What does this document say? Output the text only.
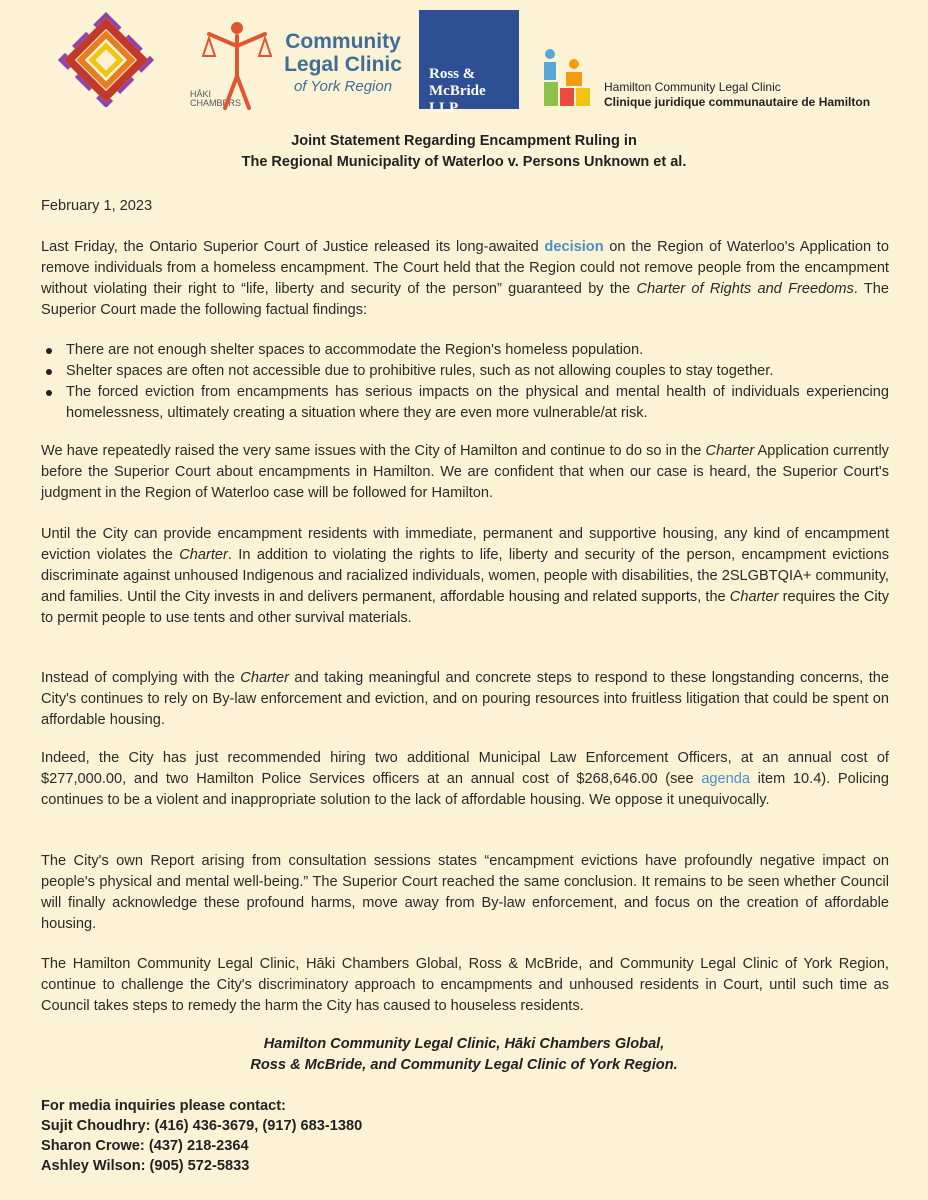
HĀKI CHAMBERS
Community Legal Clinic
of York Region
Ross & McBride LLP
Hamilton Community Legal Clinic
Clinique juridique communautaire de Hamilton
Joint Statement Regarding Encampment Ruling in
The Regional Municipality of Waterloo v. Persons Unknown et al.
February 1, 2023
Last Friday, the Ontario Superior Court of Justice released its long-awaited decision on the Region of Waterloo's Application to remove individuals from a homeless encampment. The Court held that the Region could not remove people from the encampment without violating their right to “life, liberty and security of the person” guaranteed by the Charter of Rights and Freedoms. The Superior Court made the following factual findings:
There are not enough shelter spaces to accommodate the Region's homeless population.
Shelter spaces are often not accessible due to prohibitive rules, such as not allowing couples to stay together.
The forced eviction from encampments has serious impacts on the physical and mental health of individuals experiencing homelessness, ultimately creating a situation where they are even more vulnerable/at risk.
We have repeatedly raised the very same issues with the City of Hamilton and continue to do so in the Charter Application currently before the Superior Court about encampments in Hamilton. We are confident that when our case is heard, the Superior Court's judgment in the Region of Waterloo case will be followed for Hamilton.
Until the City can provide encampment residents with immediate, permanent and supportive housing, any kind of encampment eviction violates the Charter. In addition to violating the rights to life, liberty and security of the person, encampment evictions discriminate against unhoused Indigenous and racialized individuals, women, people with disabilities, the 2SLGBTQIA+ community, and families. Until the City invests in and delivers permanent, affordable housing and related supports, the Charter requires the City to permit people to use tents and other survival materials.
Instead of complying with the Charter and taking meaningful and concrete steps to respond to these longstanding concerns, the City's continues to rely on By-law enforcement and eviction, and on pouring resources into fruitless litigation that could be spent on affordable housing.
Indeed, the City has just recommended hiring two additional Municipal Law Enforcement Officers, at an annual cost of $277,000.00, and two Hamilton Police Services officers at an annual cost of $268,646.00 (see agenda item 10.4). Policing continues to be a violent and inappropriate solution to the lack of affordable housing. We oppose it unequivocally.
The City's own Report arising from consultation sessions states “encampment evictions have profoundly negative impact on people's physical and mental well-being.” The Superior Court reached the same conclusion. It remains to be seen whether Council will finally acknowledge these profound harms, move away from By-law enforcement, and focus on the creation of affordable housing.
The Hamilton Community Legal Clinic, Hāki Chambers Global, Ross & McBride, and Community Legal Clinic of York Region, continue to challenge the City's discriminatory approach to encampments and unhoused residents in Court, until such time as Council takes steps to remedy the harm the City has caused to houseless residents.
Hamilton Community Legal Clinic, Hāki Chambers Global,
Ross & McBride, and Community Legal Clinic of York Region.
For media inquiries please contact:
Sujit Choudhry: (416) 436-3679, (917) 683-1380
Sharon Crowe: (437) 218-2364
Ashley Wilson: (905) 572-5833
